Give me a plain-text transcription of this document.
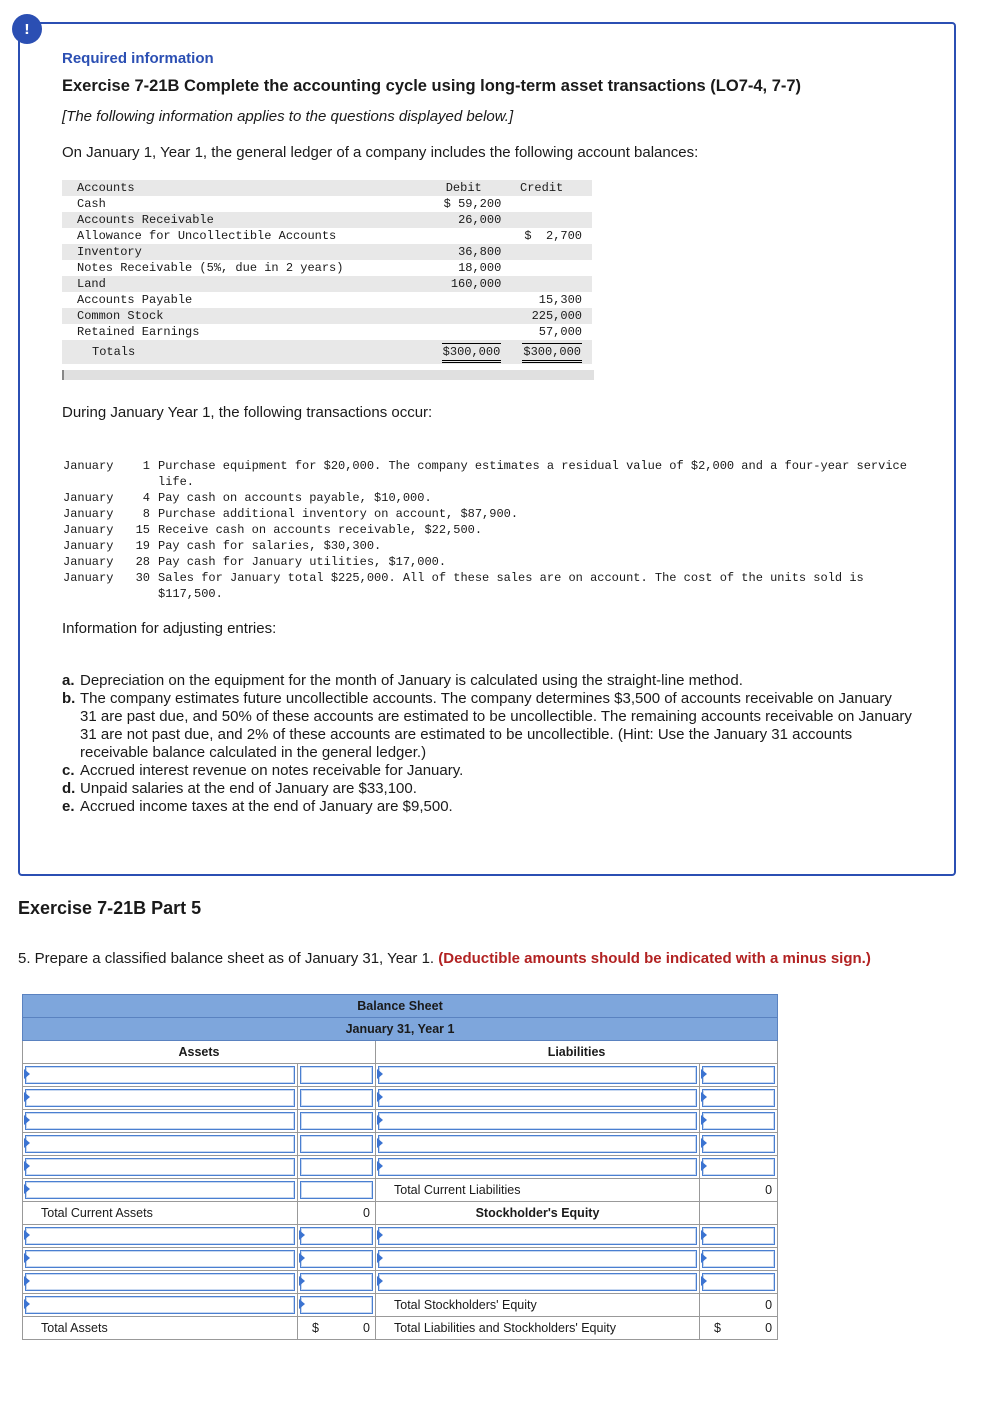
!
Required information
Exercise 7-21B Complete the accounting cycle using long-term asset transactions (LO7-4, 7-7)
[The following information applies to the questions displayed below.]
On January 1, Year 1, the general ledger of a company includes the following account balances:
Accounts	Debit	Credit
Cash	$ 59,200	
Accounts Receivable	26,000	
Allowance for Uncollectible Accounts		$  2,700
Inventory	36,800	
Notes Receivable (5%, due in 2 years)	18,000	
Land	160,000	
Accounts Payable		15,300
Common Stock		225,000
Retained Earnings		57,000
Totals	$300,000	$300,000
During January Year 1, the following transactions occur:
January	1 Purchase equipment for $20,000. The company estimates a residual value of $2,000 and a four-year service life.
January	4 Pay cash on accounts payable, $10,000.
January	8 Purchase additional inventory on account, $87,900.
January	15 Receive cash on accounts receivable, $22,500.
January	19 Pay cash for salaries, $30,300.
January	28 Pay cash for January utilities, $17,000.
January	30 Sales for January total $225,000. All of these sales are on account. The cost of the units sold is $117,500.
Information for adjusting entries:
a. Depreciation on the equipment for the month of January is calculated using the straight-line method.
b. The company estimates future uncollectible accounts. The company determines $3,500 of accounts receivable on January 31 are past due, and 50% of these accounts are estimated to be uncollectible. The remaining accounts receivable on January 31 are not past due, and 2% of these accounts are estimated to be uncollectible. (Hint: Use the January 31 accounts receivable balance calculated in the general ledger.)
c. Accrued interest revenue on notes receivable for January.
d. Unpaid salaries at the end of January are $33,100.
e. Accrued income taxes at the end of January are $9,500.
Exercise 7-21B Part 5
5. Prepare a classified balance sheet as of January 31, Year 1. (Deductible amounts should be indicated with a minus sign.)
Balance Sheet			
January 31, Year 1			
Assets		Liabilities	

		Total Current Liabilities	0
Total Current Assets	0	Stockholder's Equity	

		Total Stockholders' Equity	0
Total Assets	$ 0	Total Liabilities and Stockholders' Equity	$ 0
